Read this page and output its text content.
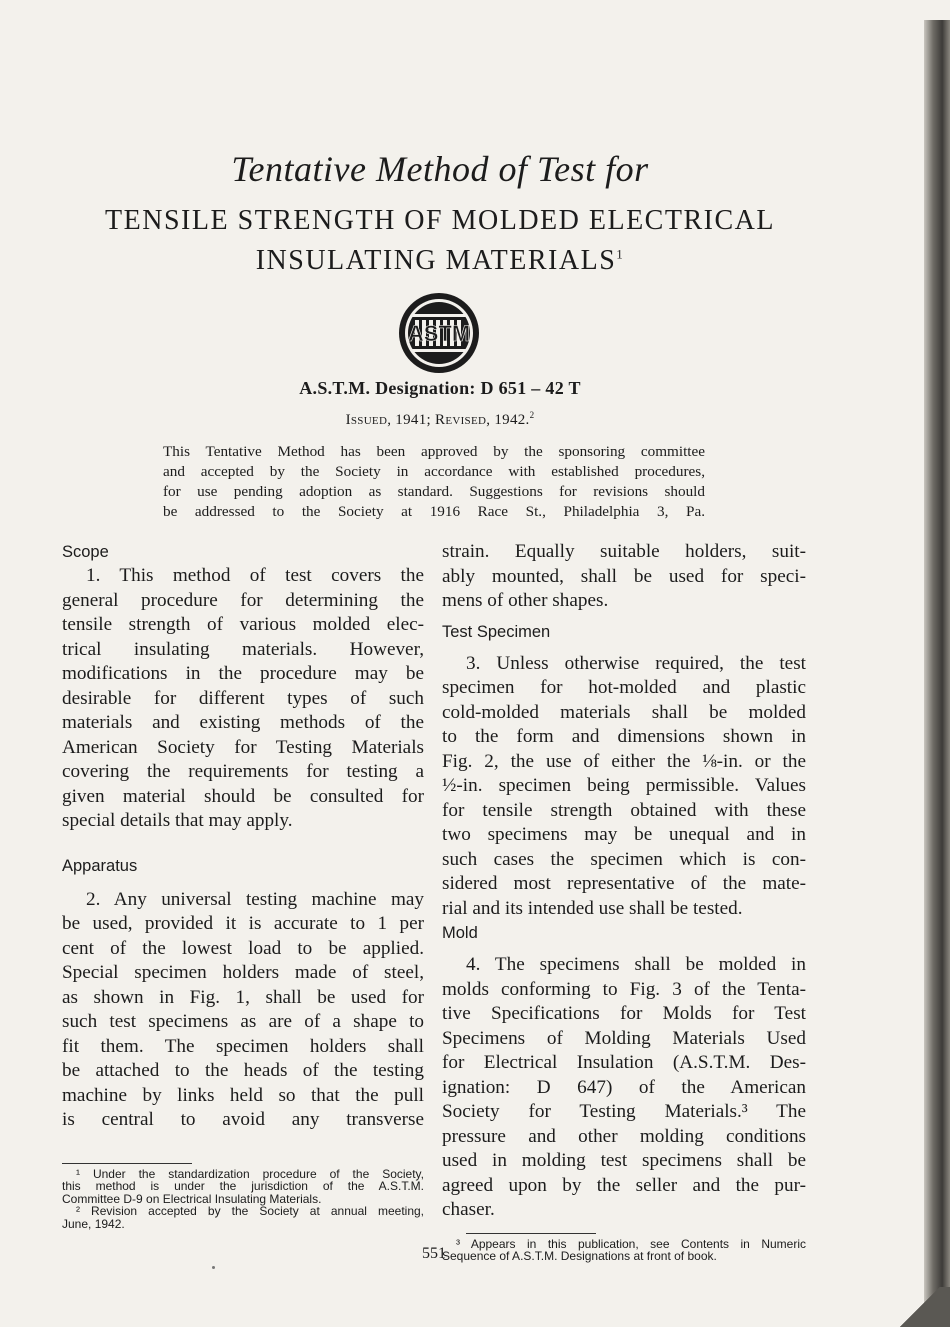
Tentative Method of Test for
TENSILE STRENGTH OF MOLDED ELECTRICAL
INSULATING MATERIALS$^1$
ASTM
A.S.T.M. Designation: D 651 – 42 T
Issued, 1941; Revised, 1942.$^2$
This Tentative Method has been approved by the sponsoring committee
and accepted by the Society in accordance with established procedures,
for use pending adoption as standard. Suggestions for revisions should
be addressed to the Society at 1916 Race St., Philadelphia 3, Pa.
Scope
1. This method of test covers the
general procedure for determining the
tensile strength of various molded elec-
trical insulating materials. However,
modifications in the procedure may be
desirable for different types of such
materials and existing methods of the
American Society for Testing Materials
covering the requirements for testing a
given material should be consulted for
special details that may apply.
Apparatus
2. Any universal testing machine may
be used, provided it is accurate to 1 per
cent of the lowest load to be applied.
Special specimen holders made of steel,
as shown in Fig. 1, shall be used for
such test specimens as are of a shape to
fit them. The specimen holders shall
be attached to the heads of the testing
machine by links held so that the pull
is central to avoid any transverse
¹ Under the standardization procedure of the Society,
this method is under the jurisdiction of the A.S.T.M.
Committee D-9 on Electrical Insulating Materials.
² Revision accepted by the Society at annual meeting,
June, 1942.
strain. Equally suitable holders, suit-
ably mounted, shall be used for speci-
mens of other shapes.
Test Specimen
3. Unless otherwise required, the test
specimen for hot-molded and plastic
cold-molded materials shall be molded
to the form and dimensions shown in
Fig. 2, the use of either the ⅛-in. or the
½-in. specimen being permissible. Values
for tensile strength obtained with these
two specimens may be unequal and in
such cases the specimen which is con-
sidered most representative of the mate-
rial and its intended use shall be tested.
Mold
4. The specimens shall be molded in
molds conforming to Fig. 3 of the Tenta-
tive Specifications for Molds for Test
Specimens of Molding Materials Used
for Electrical Insulation (A.S.T.M. Des-
ignation: D 647) of the American
Society for Testing Materials.³ The
pressure and other molding conditions
used in molding test specimens shall be
agreed upon by the seller and the pur-
chaser.
³ Appears in this publication, see Contents in Numeric
Sequence of A.S.T.M. Designations at front of book.
551
